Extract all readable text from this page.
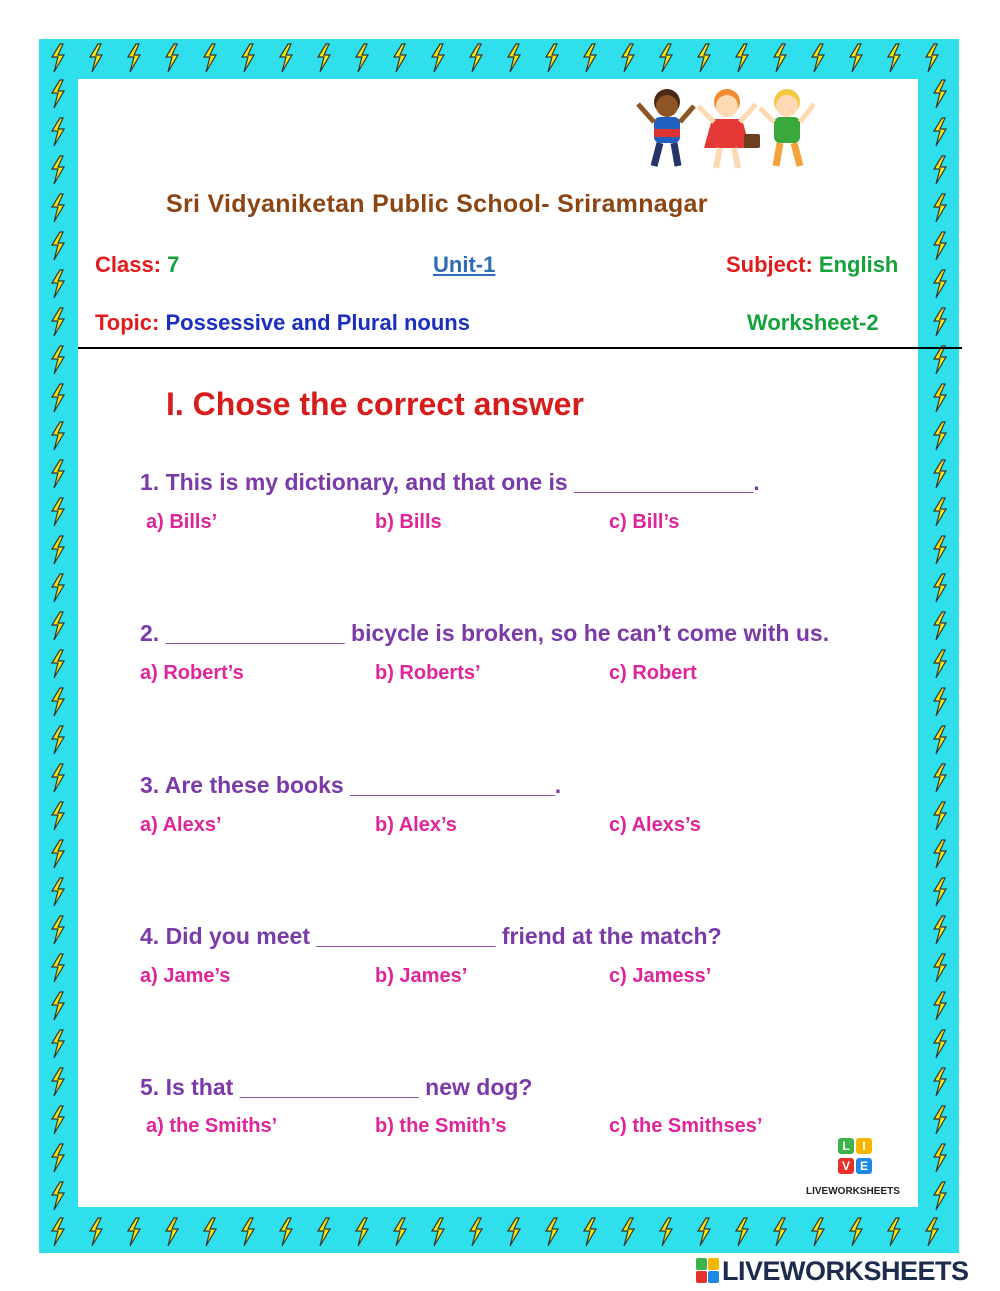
Sri Vidyaniketan Public School- Sriramnagar
Class: 7	Unit-1	Subject: English
Topic: Possessive and Plural nouns	Worksheet-2
I. Chose the correct answer
1. This is my dictionary, and that one is ______________.
a) Bills’	b) Bills	c) Bill’s
2. ______________ bicycle is broken, so he can’t come with us.
a) Robert’s	b) Roberts’	c) Robert
3. Are these books ________________.
a) Alexs’	b) Alex’s	c) Alexs’s
4. Did you meet ______________ friend at the match?
a) Jame’s	b) James’	c) Jamess’
5. Is that ______________ new dog?
a) the Smiths’	b) the Smith’s	c) the Smithses’
L	I
V E
LIVEWORKSHEETS
LIVEWORKSHEETS
